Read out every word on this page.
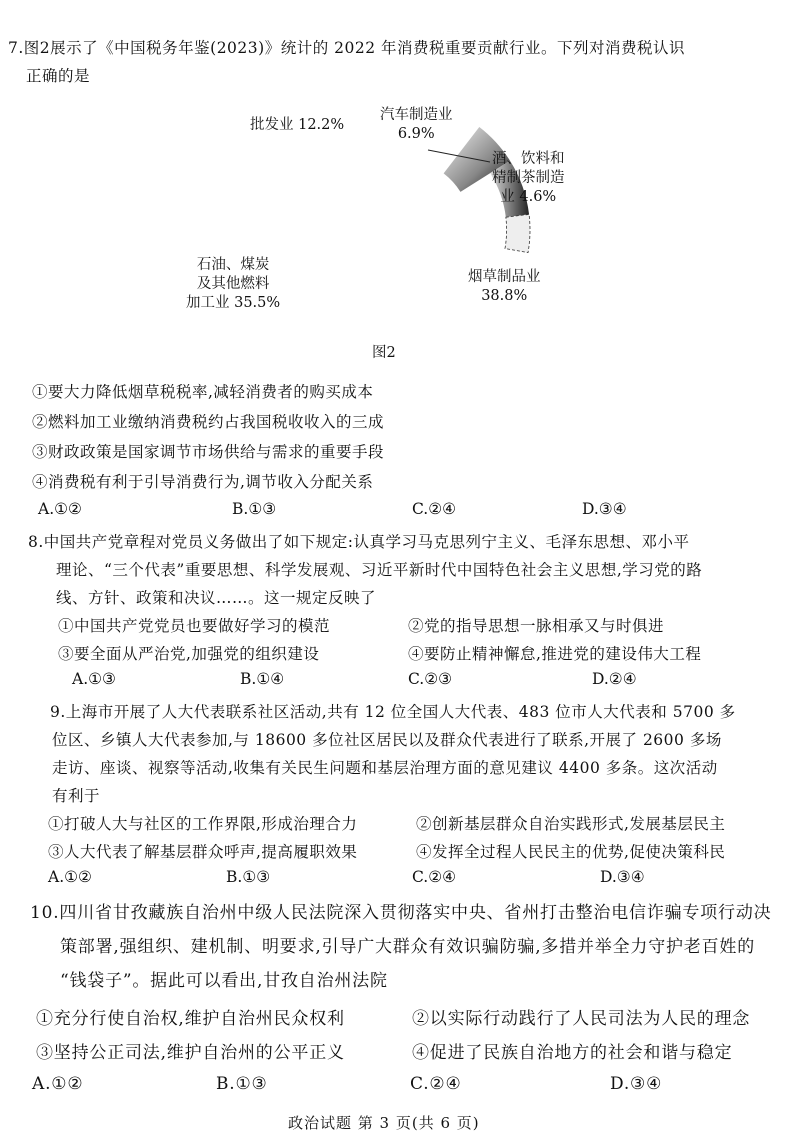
7.图2展示了《中国税务年鉴(2023)》统计的 2022 年消费税重要贡献行业。下列对消费税认识
正确的是
批发业 12.2%
汽车制造业
6.9%
酒、饮料和
精制茶制造
业 4.6%
石油、煤炭
及其他燃料
加工业 35.5%
烟草制品业
38.8%
图2
①要大力降低烟草税税率,减轻消费者的购买成本
②燃料加工业缴纳消费税约占我国税收收入的三成
③财政政策是国家调节市场供给与需求的重要手段
④消费税有利于引导消费行为,调节收入分配关系
A.①②	B.①③	C.②④	D.③④
8.中国共产党章程对党员义务做出了如下规定:认真学习马克思列宁主义、毛泽东思想、邓小平
理论、“三个代表”重要思想、科学发展观、习近平新时代中国特色社会主义思想,学习党的路
线、方针、政策和决议……。这一规定反映了
①中国共产党党员也要做好学习的模范	②党的指导思想一脉相承又与时俱进
③要全面从严治党,加强党的组织建设	④要防止精神懈怠,推进党的建设伟大工程
A.①③	B.①④	C.②③	D.②④
9.上海市开展了人大代表联系社区活动,共有 12 位全国人大代表、483 位市人大代表和 5700 多
位区、乡镇人大代表参加,与 18600 多位社区居民以及群众代表进行了联系,开展了 2600 多场
走访、座谈、视察等活动,收集有关民生问题和基层治理方面的意见建议 4400 多条。这次活动
有利于
①打破人大与社区的工作界限,形成治理合力	②创新基层群众自治实践形式,发展基层民主
③人大代表了解基层群众呼声,提高履职效果	④发挥全过程人民民主的优势,促使决策科民
A.①②	B.①③	C.②④	D.③④
10.四川省甘孜藏族自治州中级人民法院深入贯彻落实中央、省州打击整治电信诈骗专项行动决
策部署,强组织、建机制、明要求,引导广大群众有效识骗防骗,多措并举全力守护老百姓的
“钱袋子”。据此可以看出,甘孜自治州法院
①充分行使自治权,维护自治州民众权利	②以实际行动践行了人民司法为人民的理念
③坚持公正司法,维护自治州的公平正义	④促进了民族自治地方的社会和谐与稳定
A.①②	B.①③	C.②④	D.③④
政治试题 第 3 页(共 6 页)
